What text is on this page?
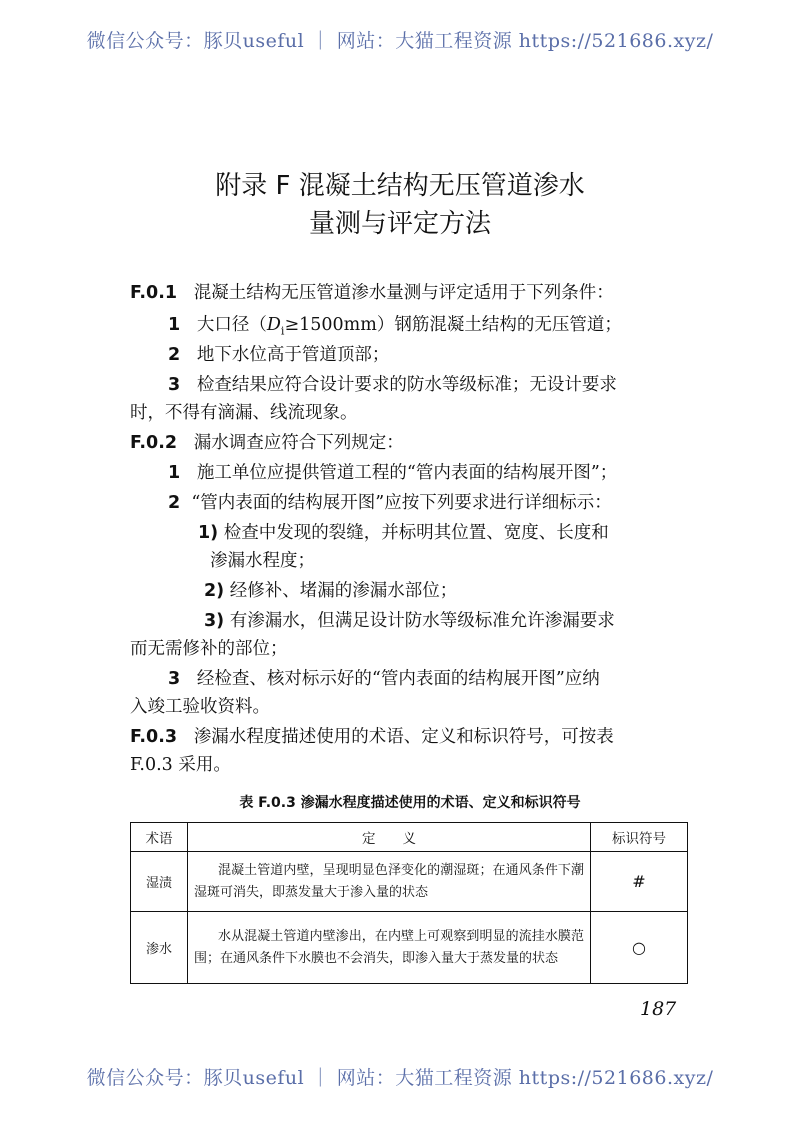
微信公众号：豚贝useful ｜ 网站：大猫工程资源 https://521686.xyz/
附录 F 混凝土结构无压管道渗水
量测与评定方法
F.0.1 混凝土结构无压管道渗水量测与评定适用于下列条件：
1 大口径$(D_i\ge 1500mm)$钢筋混凝土结构的无压管道；
2 地下水位高于管道顶部；
3 检查结果应符合设计要求的防水等级标准；无设计要求
时，不得有滴漏、线流现象。
F.0.2 漏水调查应符合下列规定：
1 施工单位应提供管道工程的“管内表面的结构展开图”；
2 “管内表面的结构展开图”应按下列要求进行详细标示：
1) 检查中发现的裂缝，并标明其位置、宽度、长度和
渗漏水程度；
2) 经修补、堵漏的渗漏水部位；
3) 有渗漏水，但满足设计防水等级标准允许渗漏要求
而无需修补的部位；
3 经检查、核对标示好的“管内表面的结构展开图”应纳
入竣工验收资料。
F.0.3 渗漏水程度描述使用的术语、定义和标识符号，可按表
F.0.3 采用。
表 F.0.3 渗漏水程度描述使用的术语、定义和标识符号
术语	定　　义	标识符号
湿渍	混凝土管道内壁，呈现明显色泽变化的潮湿斑；在通风条件下潮湿斑可消失，即蒸发量大于渗入量的状态	#
渗水	水从混凝土管道内壁渗出，在内壁上可观察到明显的流挂水膜范围；在通风条件下水膜也不会消失，即渗入量大于蒸发量的状态	○
187
微信公众号：豚贝useful ｜ 网站：大猫工程资源 https://521686.xyz/
